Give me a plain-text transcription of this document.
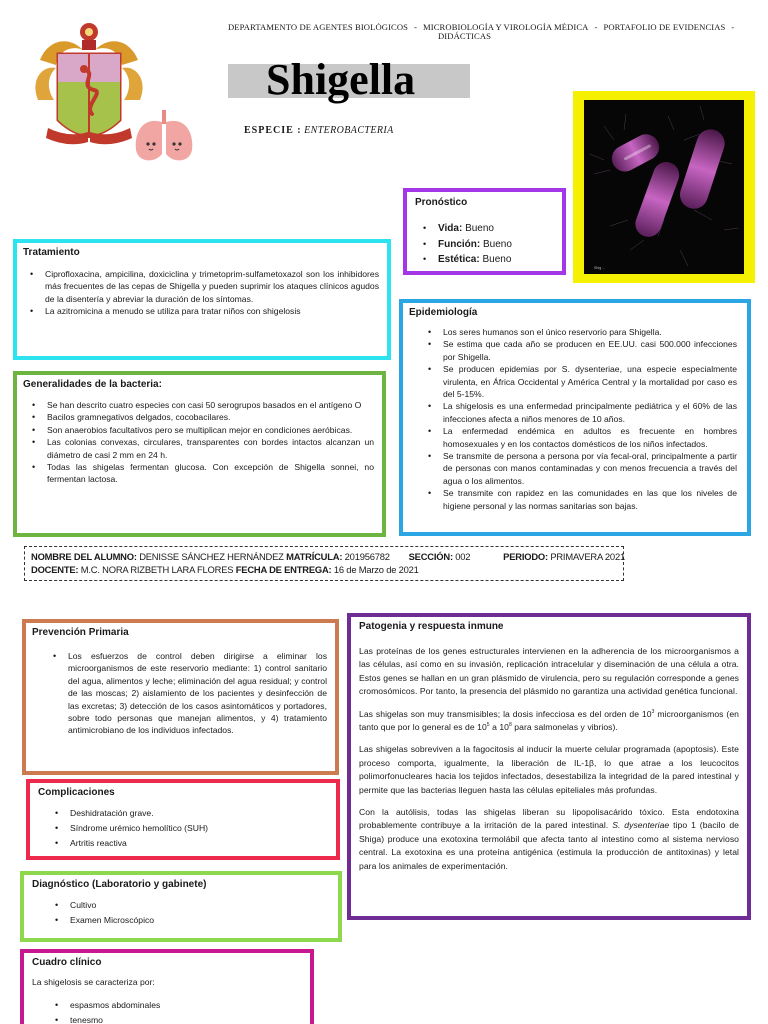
DEPARTAMENTO DE AGENTES BIOLÓGICOS - MICROBIOLOGÍA Y VIROLOGÍA MÉDICA - PORTAFOLIO DE EVIDENCIAS -
DIDÁCTICAS
Shigella
ESPECIE : ENTEROBACTERIA
Shig ...
Pronóstico
• Vida: Bueno
• Función: Bueno
• Estética: Bueno
Tratamiento
• Ciprofloxacina, ampicilina, doxiciclina y trimetoprim-sulfametoxazol son los inhibidores más frecuentes de las cepas de Shigella y pueden suprimir los ataques clínicos agudos de la disentería y abreviar la duración de los síntomas.
• La azitromicina a menudo se utiliza para tratar niños con shigelosis
Generalidades de la bacteria:
• Se han descrito cuatro especies con casi 50 serogrupos basados en el antígeno O
• Bacilos gramnegativos delgados, cocobacilares.
• Son anaerobios facultativos pero se multiplican mejor en condiciones aeróbicas.
• Las colonias convexas, circulares, transparentes con bordes intactos alcanzan un diámetro de casi 2 mm en 24 h.
• Todas las shigelas fermentan glucosa. Con excepción de Shigella sonnei, no fermentan lactosa.
Epidemiología
• Los seres humanos son el único reservorio para Shigella.
• Se estima que cada año se producen en EE.UU. casi 500.000 infecciones por Shigella.
• Se producen epidemias por S. dysenteriae, una especie especialmente virulenta, en África Occidental y América Central y la mortalidad por caso es del 5-15%.
• La shigelosis es una enfermedad principalmente pediátrica y el 60% de las infecciones afecta a niños menores de 10 años.
• La enfermedad endémica en adultos es frecuente en hombres homosexuales y en los contactos domésticos de los niños infectados.
• Se transmite de persona a persona por vía fecal-oral, principalmente a partir de personas con manos contaminadas y con menos frecuencia a través del agua o los alimentos.
• Se transmite con rapidez en las comunidades en las que los niveles de higiene personal y las normas sanitarias son bajas.
NOMBRE DEL ALUMNO: DENISSE SÁNCHEZ HERNÁNDEZ MATRÍCULA: 201956782 SECCIÓN: 002	PERIODO: PRIMAVERA 2021
DOCENTE: M.C. NORA RIZBETH LARA FLORES FECHA DE ENTREGA: 16 de Marzo de 2021
Prevención Primaria
• Los esfuerzos de control deben dirigirse a eliminar los microorganismos de este reservorio mediante: 1) control sanitario del agua, alimentos y leche; eliminación del agua residual; y control de las moscas; 2) aislamiento de los pacientes y desinfección de las excretas; 3) detección de los casos asintomáticos y portadores, sobre todo personas que manejan alimentos, y 4) tratamiento antimicrobiano de los individuos infectados.
Complicaciones
• Deshidratación grave.
• Síndrome urémico hemolítico (SUH)
• Artritis reactiva
Diagnóstico (Laboratorio y gabinete)
• Cultivo
• Examen Microscópico
Cuadro clínico

La shigelosis se caracteriza por:

• espasmos abdominales
• tenesmo
Patogenia y respuesta inmune

Las proteínas de los genes estructurales intervienen en la adherencia de los microorganismos a las células, así como en su invasión, replicación intracelular y diseminación de una célula a otra. Estos genes se hallan en un gran plásmido de virulencia, pero su regulación corresponde a genes cromosómicos. Por tanto, la presencia del plásmido no garantiza una actividad genética funcional.

Las shigelas son muy transmisibles; la dosis infecciosa es del orden de $10^3$ microorganismos (en tanto que por lo general es de $10^5$ a $10^8$ para salmonelas y vibrios).

Las shigelas sobreviven a la fagocitosis al inducir la muerte celular programada (apoptosis). Este proceso comporta, igualmente, la liberación de IL-1β, lo que atrae a los leucocitos polimorfonucleares hacia los tejidos infectados, desestabiliza la integridad de la pared intestinal y permite que las bacterias lleguen hasta las células epiteliales más profundas.

Con la autólisis, todas las shigelas liberan su lipopolisacárido tóxico. Esta endotoxina probablemente contribuye a la irritación de la pared intestinal. S. dysenteriae tipo 1 (bacilo de Shiga) produce una exotoxina termolábil que afecta tanto al intestino como al sistema nervioso central. La exotoxina es una proteína antigénica (estimula la producción de antitoxinas) y letal para los animales de experimentación.
